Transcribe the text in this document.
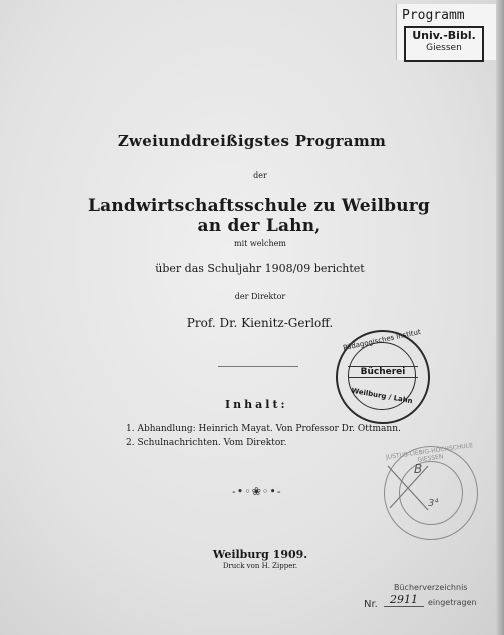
Programm
Univ.-Bibl.
Giessen
Zweiunddreißigstes Programm
der
Landwirtschaftsschule zu Weilburg an der Lahn,
mit welchem
über das Schuljahr 1908/09 berichtet
der Direktor
Prof. Dr. Kienitz-Gerloff.
Pädagogisches Institut
Bücherei
Weilburg / Lahn
Inhalt:
1. Abhandlung: Heinrich Mayat. Von Professor Dr. Ottmann.
2. Schulnachrichten. Vom Direktor.	JUSTUS-LIEBIG-HOCHSCHULE GIESSEN
B
3⁴
-•◦❀◦•-
Weilburg 1909.
Druck von H. Zipper.
Bücherverzeichnis
Nr.	2911	eingetragen
